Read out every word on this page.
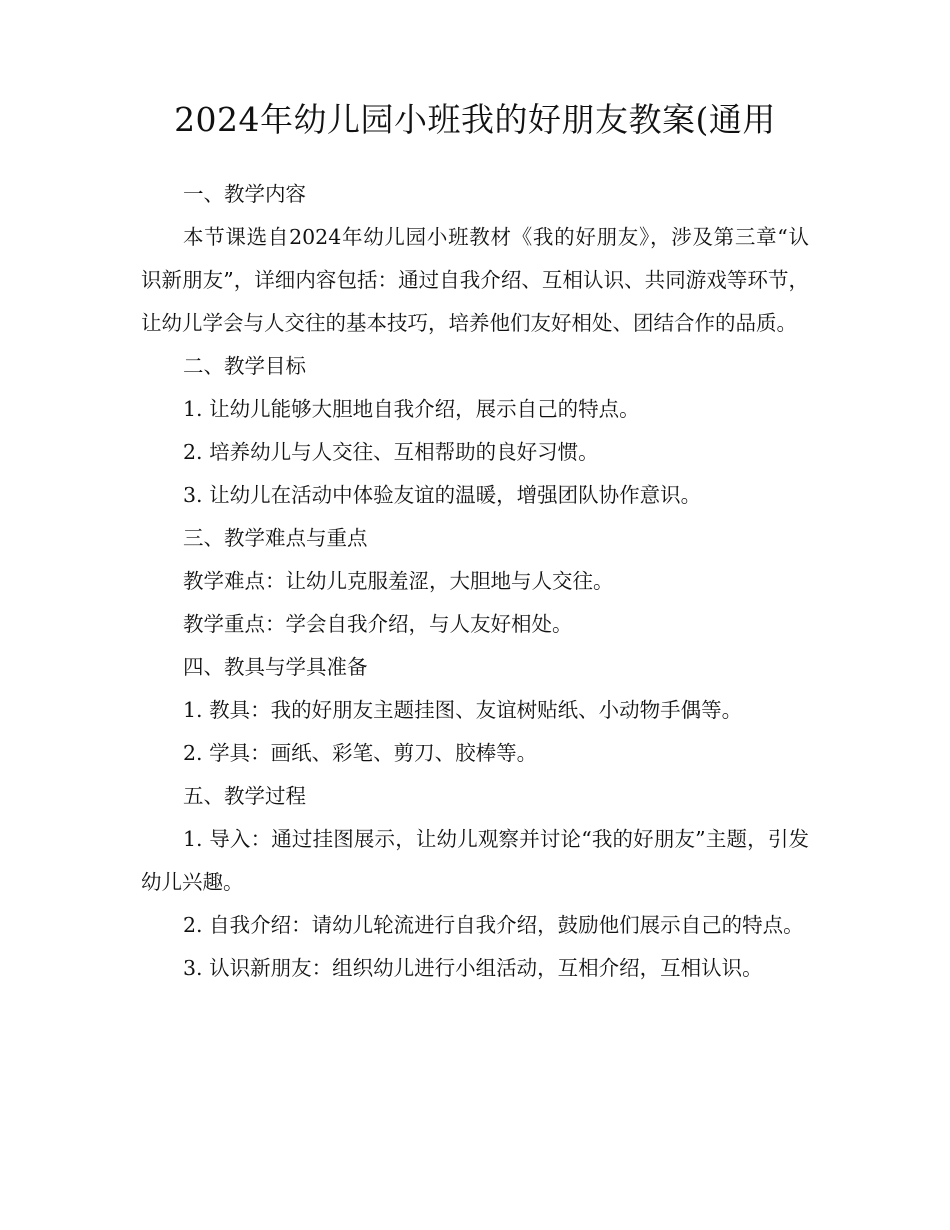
2024年幼儿园小班我的好朋友教案(通用

一、教学内容

本节课选自2024年幼儿园小班教材《我的好朋友》，涉及第三章“认识新朋友”，详细内容包括：通过自我介绍、互相认识、共同游戏等环节，让幼儿学会与人交往的基本技巧，培养他们友好相处、团结合作的品质。

二、教学目标

1. 让幼儿能够大胆地自我介绍，展示自己的特点。

2. 培养幼儿与人交往、互相帮助的良好习惯。

3. 让幼儿在活动中体验友谊的温暖，增强团队协作意识。

三、教学难点与重点

教学难点：让幼儿克服羞涩，大胆地与人交往。

教学重点：学会自我介绍，与人友好相处。

四、教具与学具准备

1. 教具：我的好朋友主题挂图、友谊树贴纸、小动物手偶等。

2. 学具：画纸、彩笔、剪刀、胶棒等。

五、教学过程

1. 导入：通过挂图展示，让幼儿观察并讨论“我的好朋友”主题，引发幼儿兴趣。

2. 自我介绍：请幼儿轮流进行自我介绍，鼓励他们展示自己的特点。

3. 认识新朋友：组织幼儿进行小组活动，互相介绍，互相认识。
